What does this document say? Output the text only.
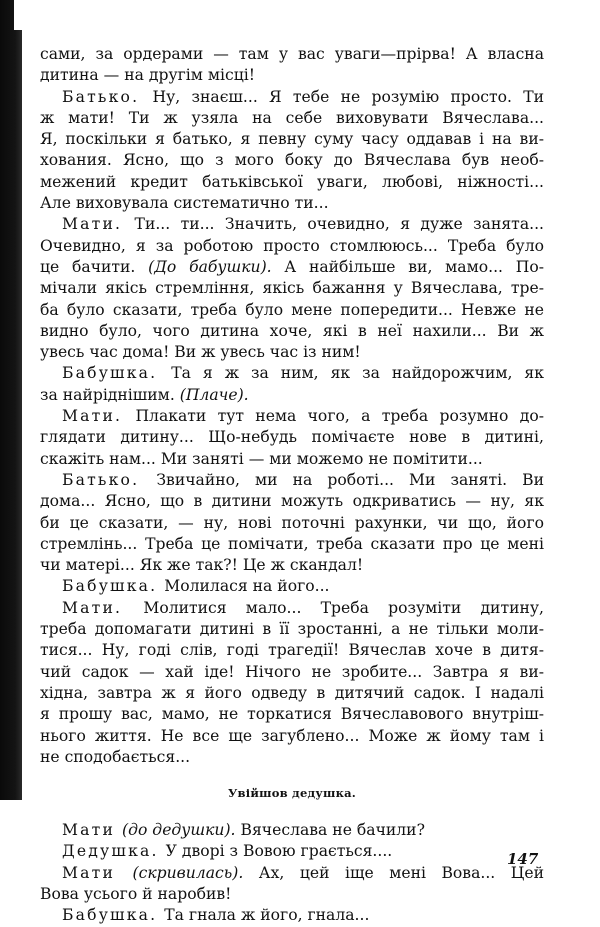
сами, за ордерами — там у вас уваги—прірва! А власна
дитина — на другім місці!
Батько. Ну, знаєш... Я тебе не розумію просто. Ти
ж мати! Ти ж узяла на себе виховувати Вячеслава...
Я, поскільки я батько, я певну суму часу оддавав і на ви-
хования. Ясно, що з мого боку до Вячеслава був необ-
межений кредит батьківської уваги, любові, ніжності...
Але виховувала систематично ти...
Мати. Ти... ти... Значить, очевидно, я дуже занята...
Очевидно, я за роботою просто стомлююсь... Треба було
це бачити. (До бабушки). А найбільше ви, мамо... По-
мічали якісь стремління, якісь бажання у Вячеслава, тре-
ба було сказати, треба було мене попередити... Невже не
видно було, чого дитина хоче, які в неї нахили... Ви ж
увесь час дома! Ви ж увесь час із ним!
Бабушка. Та я ж за ним, як за найдорожчим, як
за найріднішим. (Плаче).
Мати. Плакати тут нема чого, а треба розумно до-
глядати дитину... Що-небудь помічаєте нове в дитині,
скажіть нам... Ми заняті — ми можемо не помітити...
Батько. Звичайно, ми на роботі... Ми заняті. Ви
дома... Ясно, що в дитини можуть одкриватись — ну, як
би це сказати, — ну, нові поточні рахунки, чи що, його
стремлінь... Треба це помічати, треба сказати про це мені
чи матері... Як же так?! Це ж скандал!
Бабушка. Молилася на його...
Мати. Молитися мало... Треба розуміти дитину,
треба допомагати дитині в її зростанні, а не тільки моли-
тися... Ну, годі слів, годі трагедії! Вячеслав хоче в дитя-
чий садок — хай іде! Нічого не зробите... Завтра я ви-
хідна, завтра ж я його одведу в дитячий садок. І надалі
я прошу вас, мамо, не торкатися Вячеславового внутріш-
нього життя. Не все ще загублено... Може ж йому там і
не сподобається...
Увійшов дедушка.
Мати (до дедушки). Вячеслава не бачили?
Дедушка. У дворі з Вовою грається....
Мати (скривилась). Ах, цей іще мені Вова... Цей
Вова усього й наробив!
Бабушка. Та гнала ж його, гнала...
147
